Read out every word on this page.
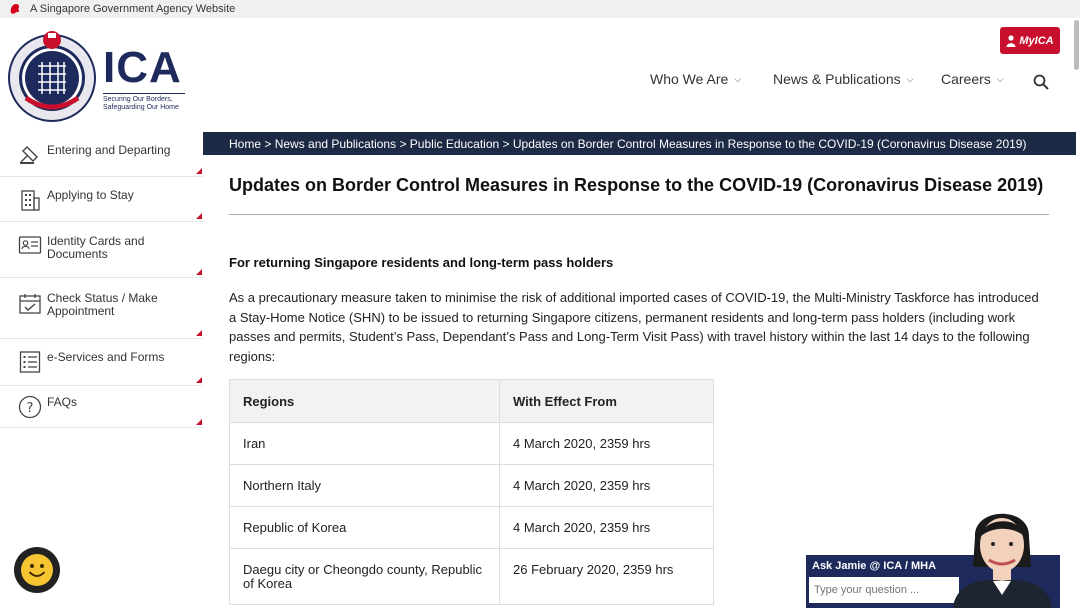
A Singapore Government Agency Website
ICA
Securing Our Borders,
Safeguarding Our Home
MyICA
Who We Are ⌵ News & Publications ⌵ Careers ⌵
Entering and Departing
Applying to Stay
Identity Cards and Documents
Check Status / Make Appointment
e-Services and Forms
? FAQs
Home > News and Publications > Public Education > Updates on Border Control Measures in Response to the COVID-19 (Coronavirus Disease 2019)
Updates on Border Control Measures in Response to the COVID-19 (Coronavirus Disease 2019)
For returning Singapore residents and long-term pass holders

As a precautionary measure taken to minimise the risk of additional imported cases of COVID-19, the Multi-Ministry Taskforce has introduced a Stay-Home Notice (SHN) to be issued to returning Singapore citizens, permanent residents and long-term pass holders (including work passes and permits, Student’s Pass, Dependant’s Pass and Long-Term Visit Pass) with travel history within the last 14 days to the following regions:

Regions	With Effect From
Iran	4 March 2020, 2359 hrs
Northern Italy	4 March 2020, 2359 hrs
Republic of Korea	4 March 2020, 2359 hrs
Daegu city or Cheongdo county, Republic of Korea	26 February 2020, 2359 hrs	Ask Jamie @ ICA / MHA
Type your question ...
